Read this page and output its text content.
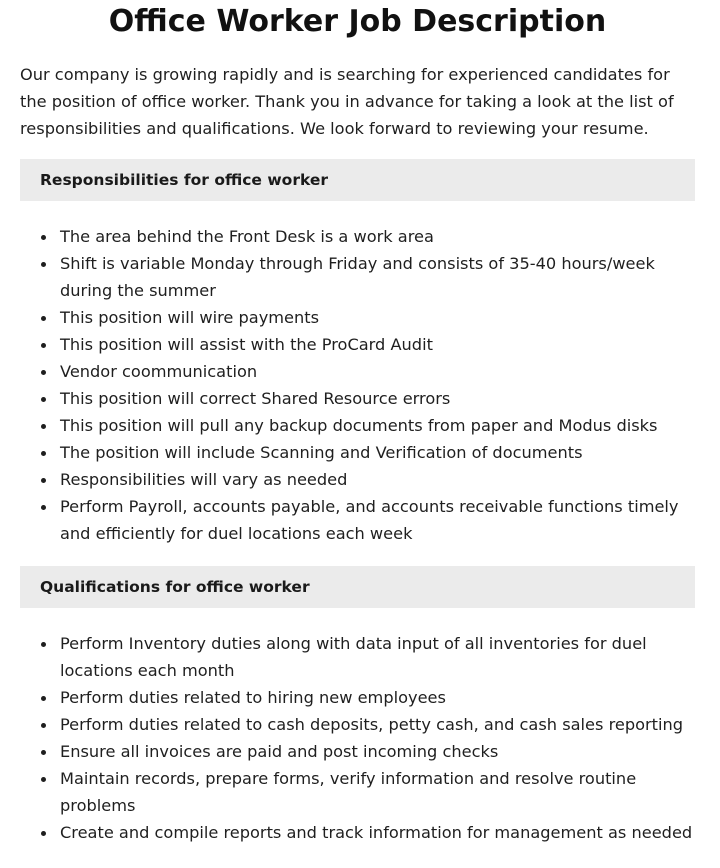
Office Worker Job Description

Our company is growing rapidly and is searching for experienced candidates for the position of office worker. Thank you in advance for taking a look at the list of responsibilities and qualifications. We look forward to reviewing your resume.

Responsibilities for office worker
The area behind the Front Desk is a work area
Shift is variable Monday through Friday and consists of 35-40 hours/week during the summer
This position will wire payments
This position will assist with the ProCard Audit
Vendor coommunication
This position will correct Shared Resource errors
This position will pull any backup documents from paper and Modus disks
The position will include Scanning and Verification of documents
Responsibilities will vary as needed
Perform Payroll, accounts payable, and accounts receivable functions timely and efficiently for duel locations each week
Qualifications for office worker
Perform Inventory duties along with data input of all inventories for duel locations each month
Perform duties related to hiring new employees
Perform duties related to cash deposits, petty cash, and cash sales reporting
Ensure all invoices are paid and post incoming checks
Maintain records, prepare forms, verify information and resolve routine problems
Create and compile reports and track information for management as needed
